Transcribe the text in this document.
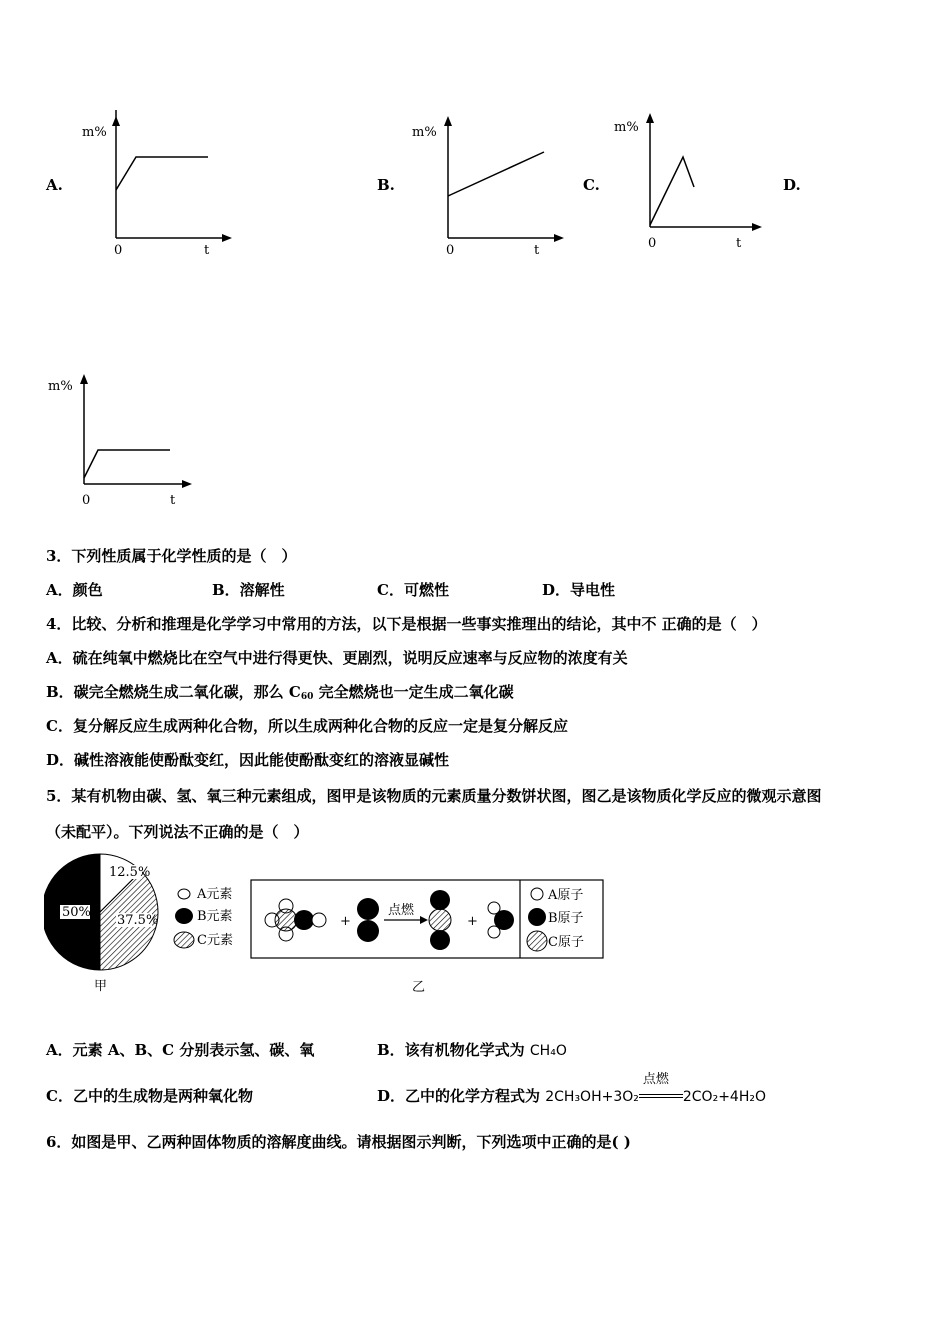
A.	B.	C.	D.
m%
0	t
m%
0	t
m%
0	t
m%
0	t
3．下列性质属于化学性质的是（　）
A．颜色	B．溶解性	C．可燃性	D．导电性
4．比较、分析和推理是化学学习中常用的方法，以下是根据一些事实推理出的结论，其中不 正确的是（　）
A．硫在纯氧中燃烧比在空气中进行得更快、更剧烈，说明反应速率与反应物的浓度有关
B．碳完全燃烧生成二氧化碳，那么 $C_{60}$ 完全燃烧也一定生成二氧化碳
C．复分解反应生成两种化合物，所以生成两种化合物的反应一定是复分解反应
D．碱性溶液能使酚酞变红，因此能使酚酞变红的溶液显碱性
5．某有机物由碳、氢、氧三种元素组成，图甲是该物质的元素质量分数饼状图，图乙是该物质化学反应的微观示意图
（未配平）。下列说法不正确的是（　）
12.5%
37.5%
50%
A元素
B元素
C元素
甲
+
点燃
+
A原子
B原子
C原子
乙
A．元素 A、B、C 分别表示氢、碳、氧	B．该有机物化学式为 CH₄O
C．乙中的生成物是两种氧化物	D．乙中的化学方程式为 2CH₃OH+3O₂
点燃
2CO₂+4H₂O
6．如图是甲、乙两种固体物质的溶解度曲线。请根据图示判断，下列选项中正确的是( )
